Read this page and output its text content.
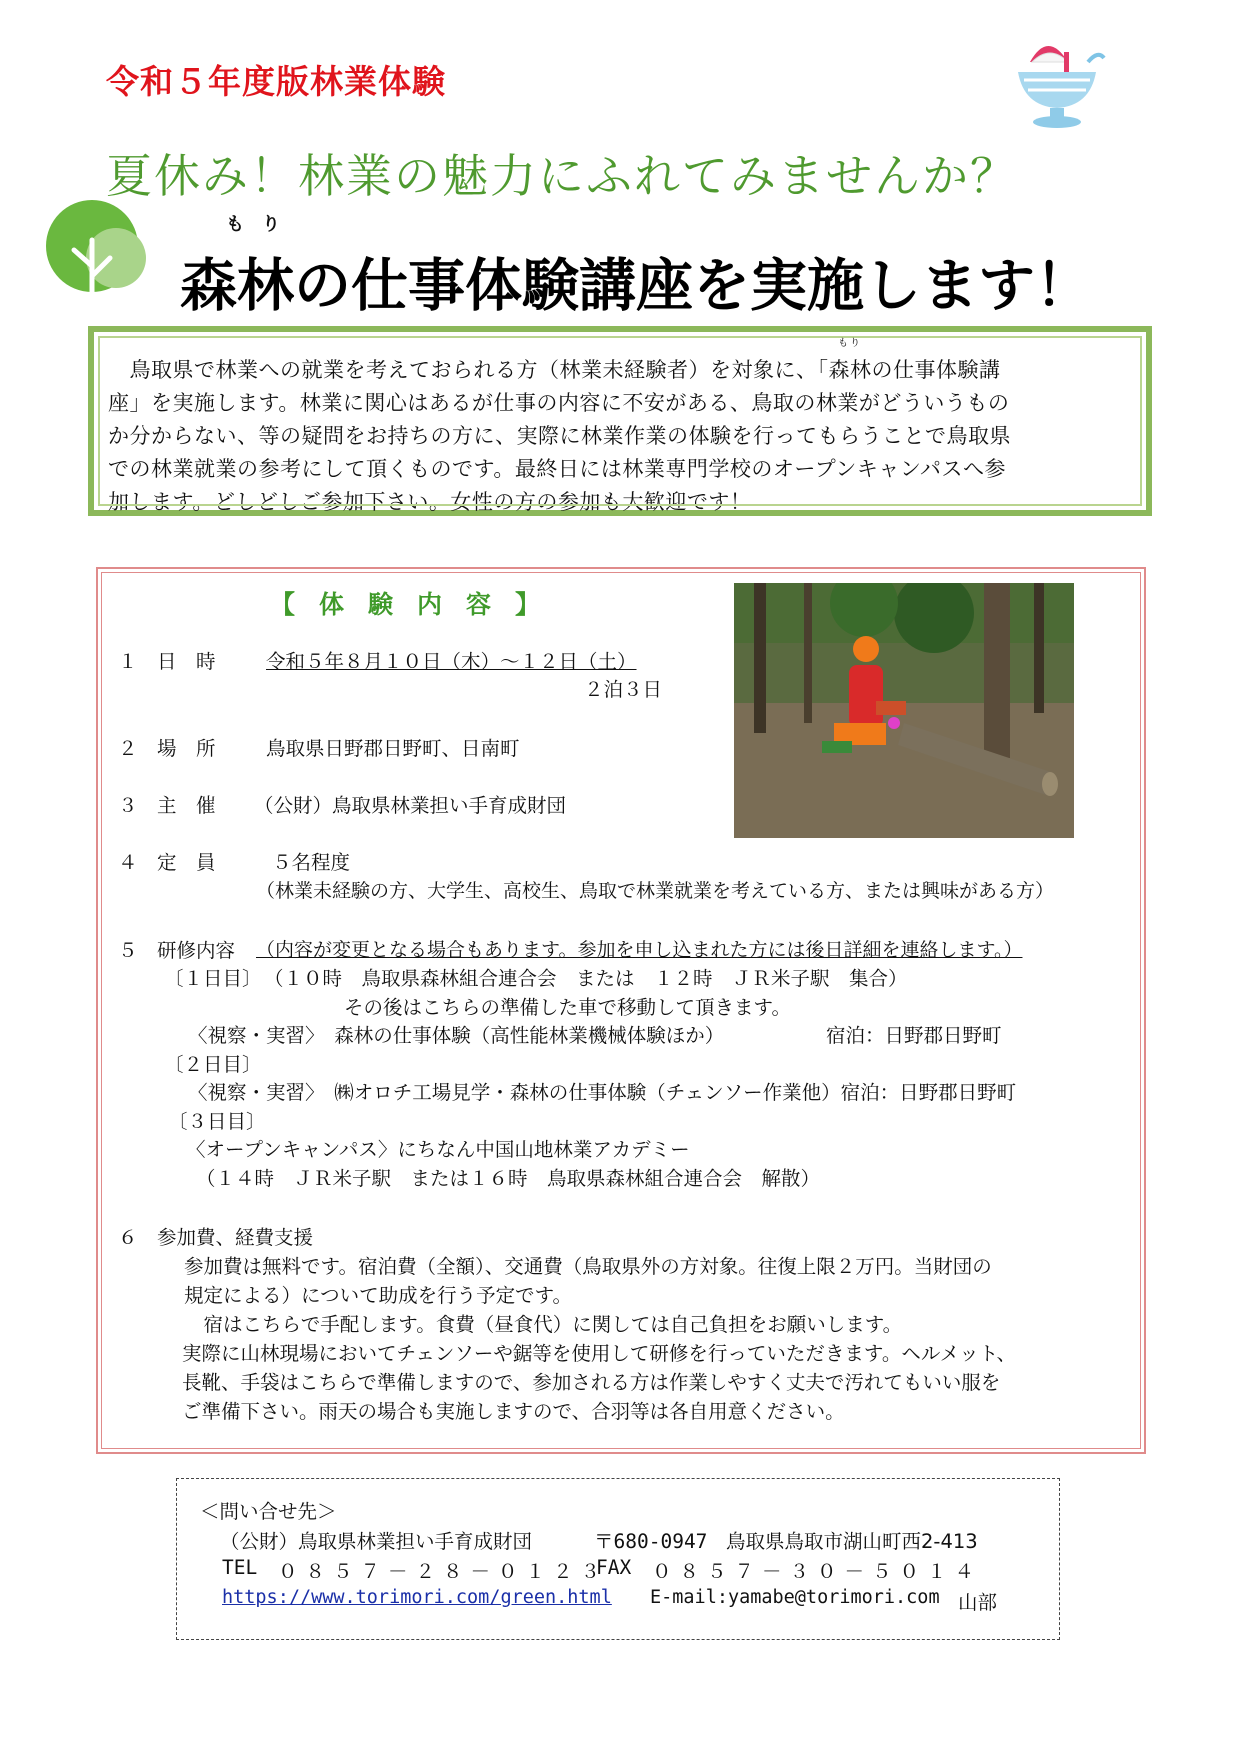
令和５年度版林業体験
夏休み！林業の魅力にふれてみませんか？
もり
森林の仕事体験講座を実施します！
　鳥取県で林業への就業を考えておられる方（林業未経験者）を対象に、「
もり
森林の仕事体験講
座」を実施します。林業に関心はあるが仕事の内容に不安がある、鳥取の林業がどういうもの
か分からない、等の疑問をお持ちの方に、実際に林業作業の体験を行ってもらうことで鳥取県
での林業就業の参考にして頂くものです。最終日には林業専門学校のオープンキャンパスへ参
加します。どしどしご参加下さい。女性の方の参加も大歓迎です！
【体験内容】
１　日　時	令和５年８月１０日（木）～１２日（土）
２泊３日
２　場　所	鳥取県日野郡日野町、日南町
３　主　催 （公財）鳥取県林業担い手育成財団
４　定　員	５名程度
（林業未経験の方、大学生、高校生、鳥取で林業就業を考えている方、または興味がある方）
５　研修内容 （内容が変更となる場合もあります。参加を申し込まれた方には後日詳細を連絡します。）
〔１日目〕 （１０時　鳥取県森林組合連合会　または　１２時　ＪＲ米子駅　集合）
その後はこちらの準備した車で移動して頂きます。
〈視察・実習〉　森林の仕事体験（高性能林業機械体験ほか）	宿泊：日野郡日野町
〔２日目〕
〈視察・実習〉　㈱オロチ工場見学・森林の仕事体験（チェンソー作業他）宿泊：日野郡日野町
〔３日目〕
〈オープンキャンパス〉にちなん中国山地林業アカデミー
（１４時　ＪＲ米子駅　または１６時　鳥取県森林組合連合会　解散）
６　参加費、経費支援
参加費は無料です。宿泊費（全額）、交通費（鳥取県外の方対象。往復上限２万円。当財団の
規定による）について助成を行う予定です。
　宿はこちらで手配します。食費（昼食代）に関しては自己負担をお願いします。
実際に山林現場においてチェンソーや鋸等を使用して研修を行っていただきます。ヘルメット、
長靴、手袋はこちらで準備しますので、参加される方は作業しやすく丈夫で汚れてもいい服を
ご準備下さい。雨天の場合も実施しますので、合羽等は各自用意ください。
＜問い合せ先＞
（公財）鳥取県林業担い手育成財団	〒680-0947 鳥取県鳥取市湖山町西2-413
TEL ０８５７－２８－０１２３
FAX ０８５７－３０－５０１４
https://www.torimori.com/green.html E-mail:yamabe@torimori.com 山部
